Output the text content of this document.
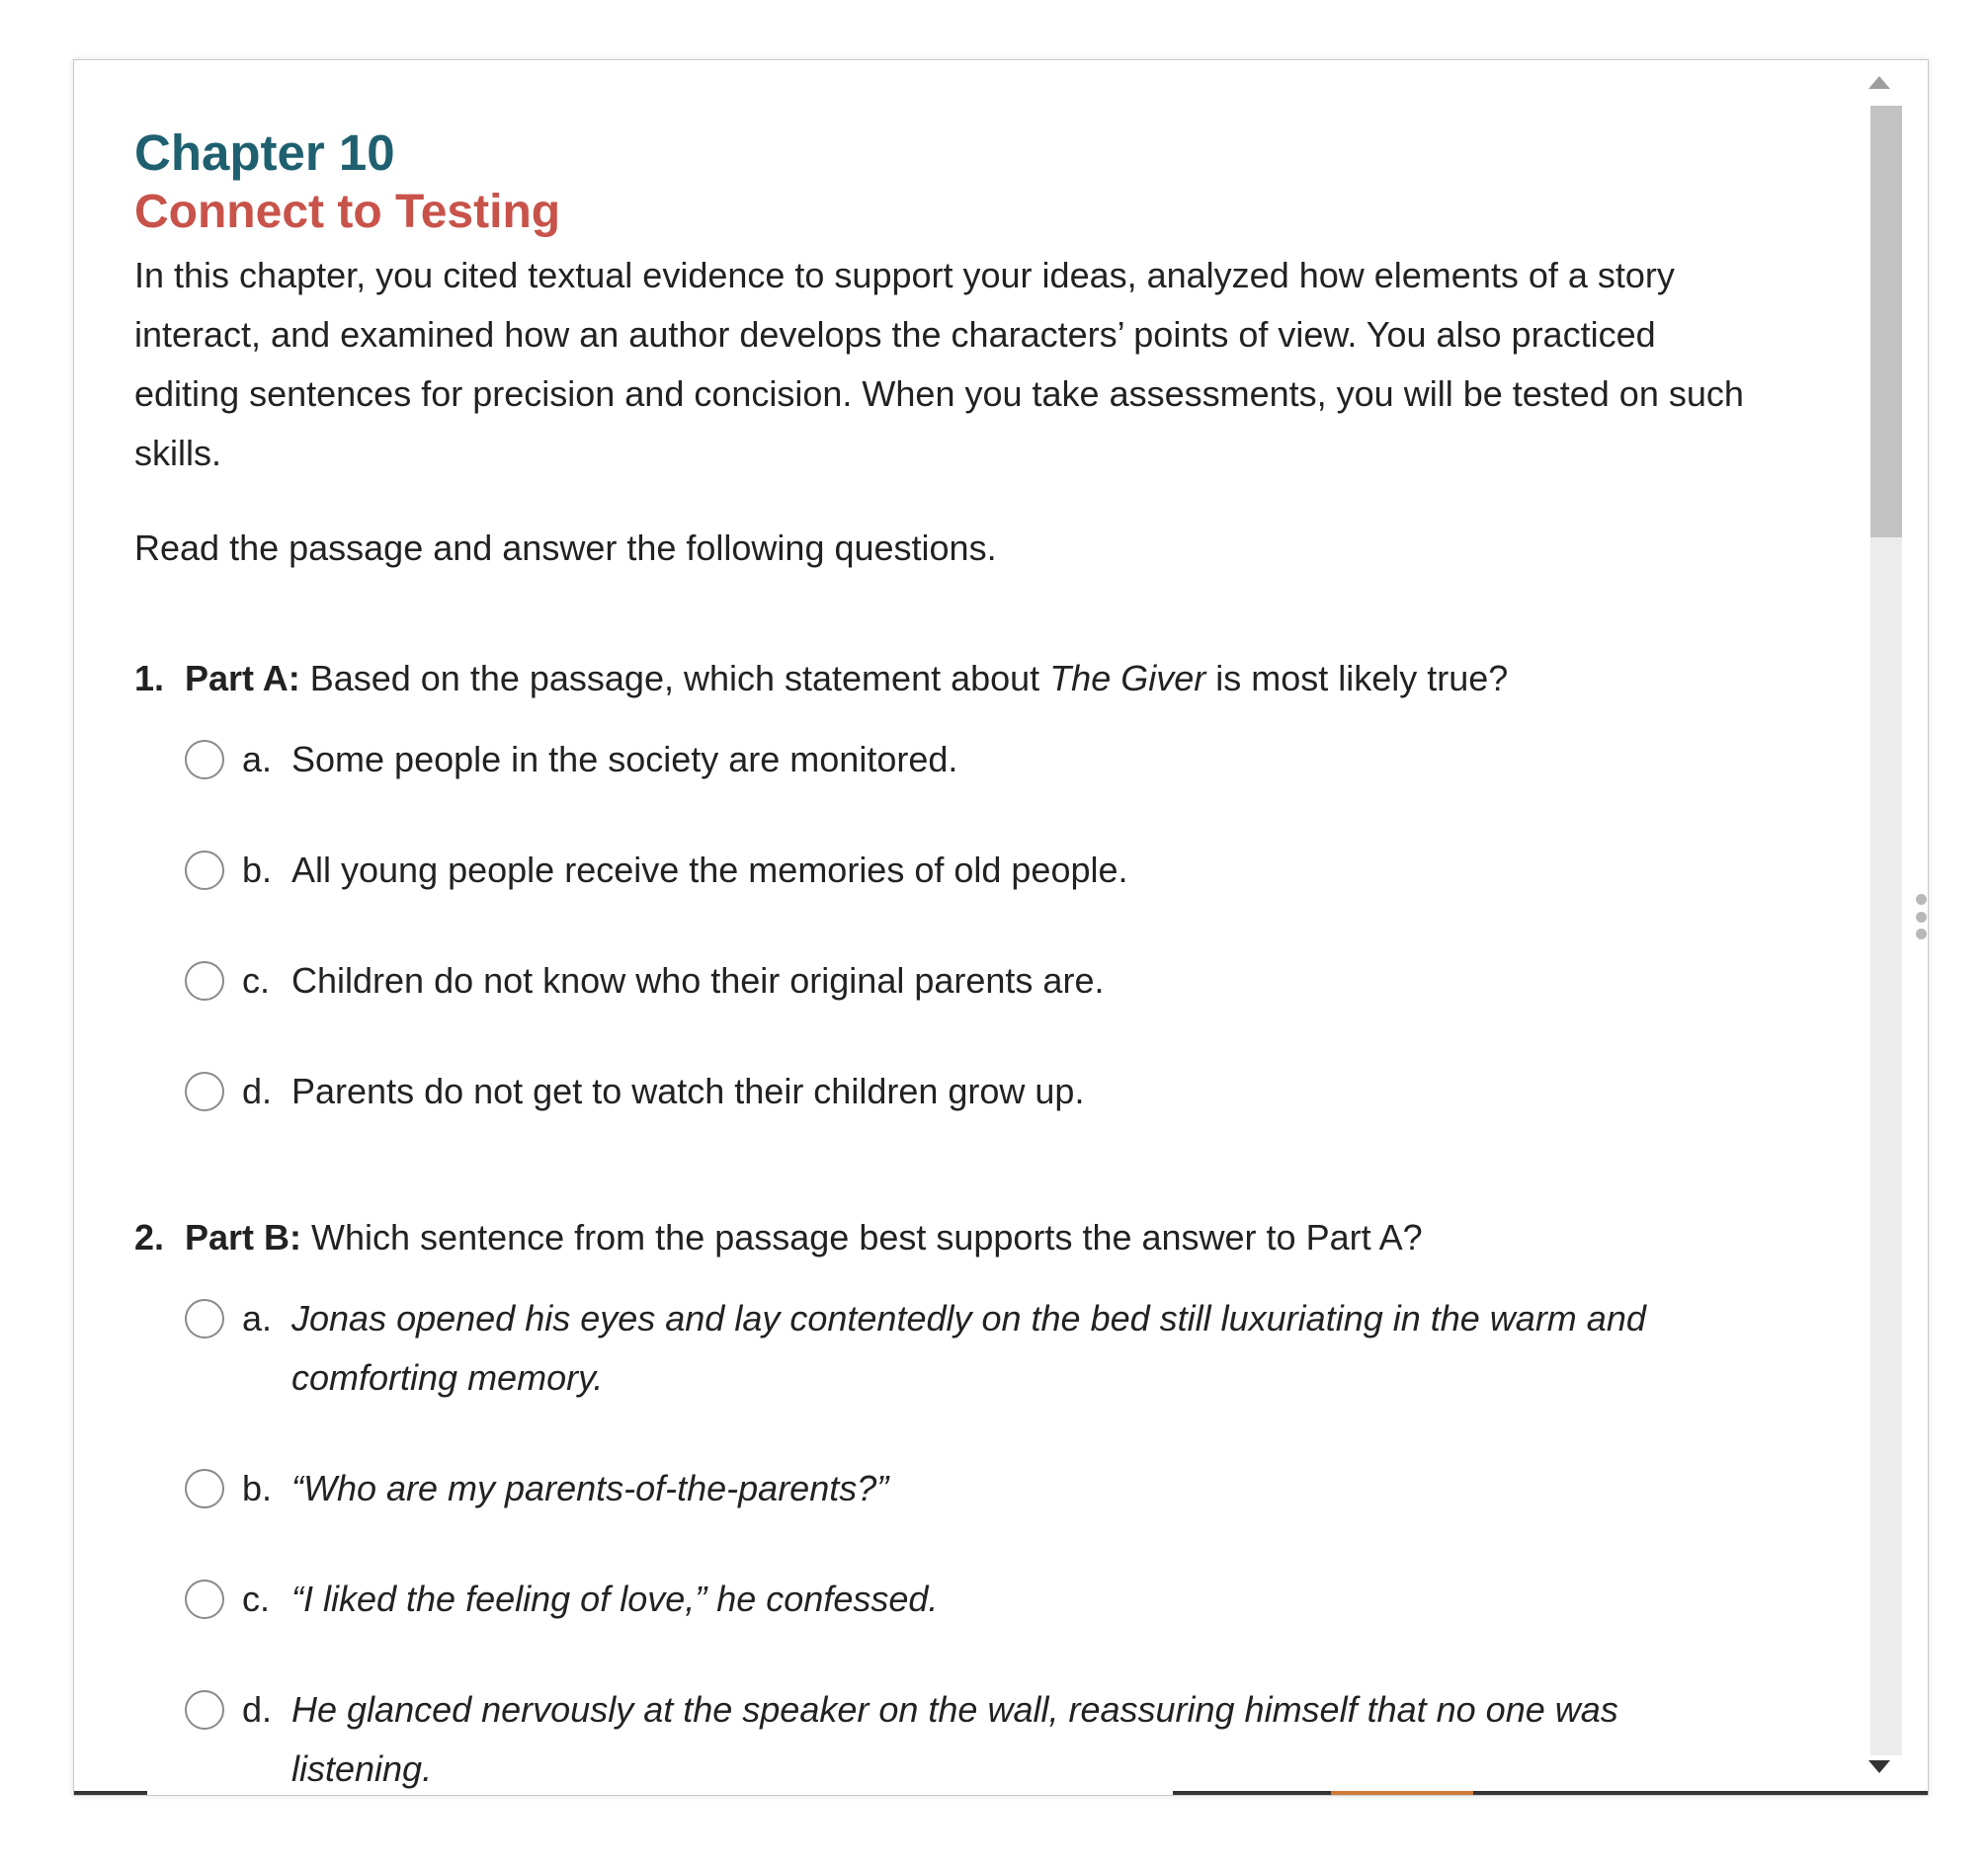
Chapter 10
Connect to Testing

In this chapter, you cited textual evidence to support your ideas, analyzed how elements of a story interact, and examined how an author develops the characters’ points of view. You also practiced editing sentences for precision and concision. When you take assessments, you will be tested on such skills.

Read the passage and answer the following questions.

1. Part A: Based on the passage, which statement about The Giver is most likely true?
a. Some people in the society are monitored.
b. All young people receive the memories of old people.
c. Children do not know who their original parents are.
d. Parents do not get to watch their children grow up.
2. Part B: Which sentence from the passage best supports the answer to Part A?
a. Jonas opened his eyes and lay contentedly on the bed still luxuriating in the warm and comforting memory.
b. “Who are my parents-of-the-parents?”
c. “I liked the feeling of love,” he confessed.
d. He glanced nervously at the speaker on the wall, reassuring himself that no one was listening.
